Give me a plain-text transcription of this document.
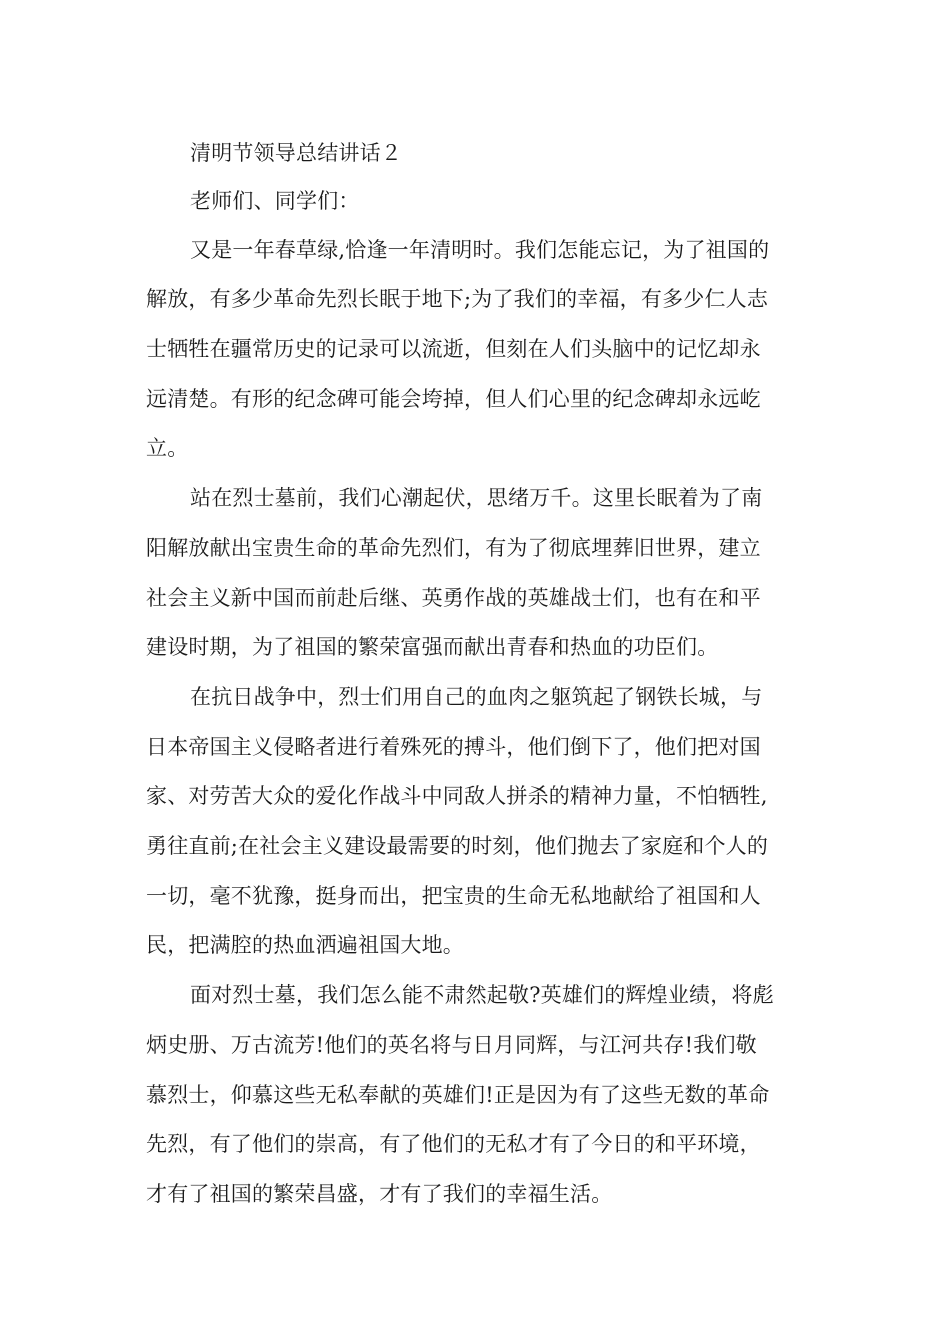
清明节领导总结讲话２
老师们、同学们：
又是一年春草绿,恰逢一年清明时。我们怎能忘记，为了祖国的
解放，有多少革命先烈长眠于地下;为了我们的幸福，有多少仁人志
士牺牲在疆常历史的记录可以流逝，但刻在人们头脑中的记忆却永
远清楚。有形的纪念碑可能会垮掉，但人们心里的纪念碑却永远屹
立。
站在烈士墓前，我们心潮起伏，思绪万千。这里长眠着为了南
阳解放献出宝贵生命的革命先烈们，有为了彻底埋葬旧世界，建立
社会主义新中国而前赴后继、英勇作战的英雄战士们，也有在和平
建设时期，为了祖国的繁荣富强而献出青春和热血的功臣们。
在抗日战争中，烈士们用自己的血肉之躯筑起了钢铁长城，与
日本帝国主义侵略者进行着殊死的搏斗，他们倒下了，他们把对国
家、对劳苦大众的爱化作战斗中同敌人拼杀的精神力量，不怕牺牲,
勇往直前;在社会主义建设最需要的时刻，他们抛去了家庭和个人的
一切，毫不犹豫，挺身而出，把宝贵的生命无私地献给了祖国和人
民，把满腔的热血洒遍祖国大地。
面对烈士墓，我们怎么能不肃然起敬?英雄们的辉煌业绩，将彪
炳史册、万古流芳!他们的英名将与日月同辉，与江河共存!我们敬
慕烈士，仰慕这些无私奉献的英雄们!正是因为有了这些无数的革命
先烈，有了他们的崇高，有了他们的无私才有了今日的和平环境，
才有了祖国的繁荣昌盛，才有了我们的幸福生活。
